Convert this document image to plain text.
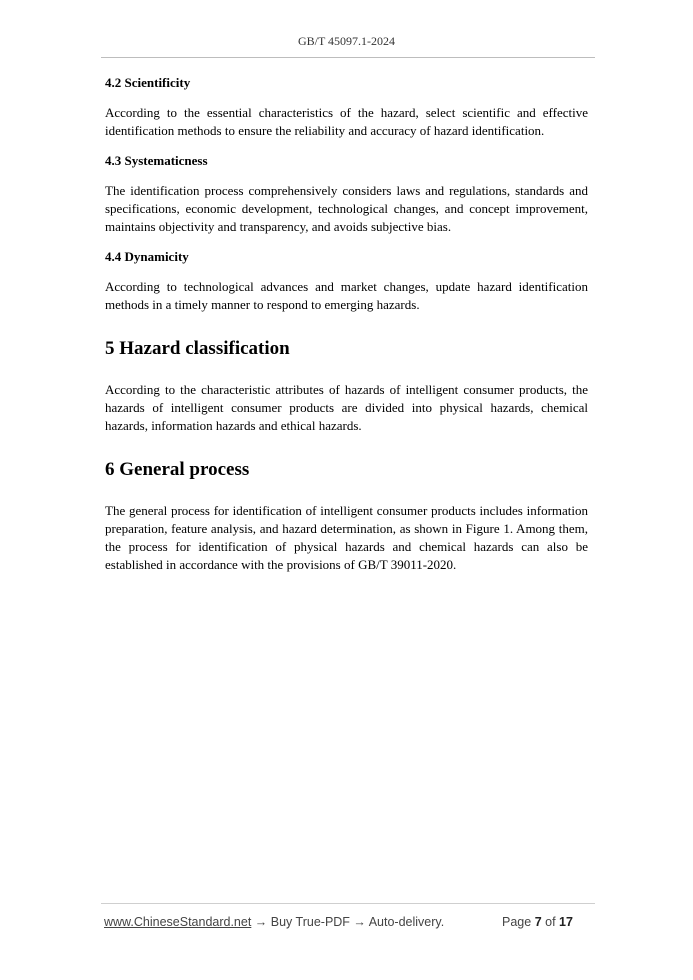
GB/T 45097.1-2024
4.2 Scientificity

According to the essential characteristics of the hazard, select scientific and effective identification methods to ensure the reliability and accuracy of hazard identification.

4.3 Systematicness

The identification process comprehensively considers laws and regulations, standards and specifications, economic development, technological changes, and concept improvement, maintains objectivity and transparency, and avoids subjective bias.

4.4 Dynamicity

According to technological advances and market changes, update hazard identification methods in a timely manner to respond to emerging hazards.

5 Hazard classification

According to the characteristic attributes of hazards of intelligent consumer products, the hazards of intelligent consumer products are divided into physical hazards, chemical hazards, information hazards and ethical hazards.

6 General process

The general process for identification of intelligent consumer products includes information preparation, feature analysis, and hazard determination, as shown in Figure 1. Among them, the process for identification of physical hazards and chemical hazards can also be established in accordance with the provisions of GB/T 39011-2020.

www.ChineseStandard.net → Buy True-PDF → Auto-delivery.	Page 7 of 17
